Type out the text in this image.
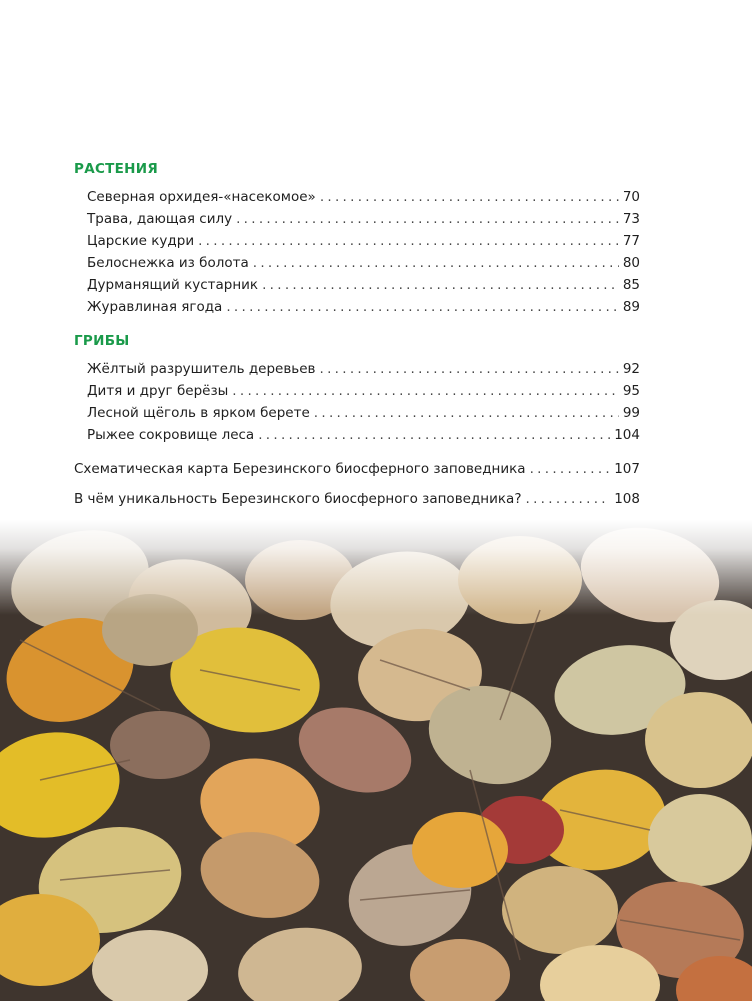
РАСТЕНИЯ
Северная орхидея-«насекомое» . . .	70
Трава, дающая силу . . .	73
Царские кудри . . .	77
Белоснежка из болота . . .	80
Дурманящий кустарник . . .	85
Журавлиная ягода . . .	89
ГРИБЫ
Жёлтый разрушитель деревьев . . .	92
Дитя и друг берёзы . . .	95
Лесной щёголь в ярком берете . . .	99
Рыжее сокровище леса . . .	104
Схематическая карта Березинского биосферного заповедника . . .	107
В чём уникальность Березинского биосферного заповедника? . . .	108
